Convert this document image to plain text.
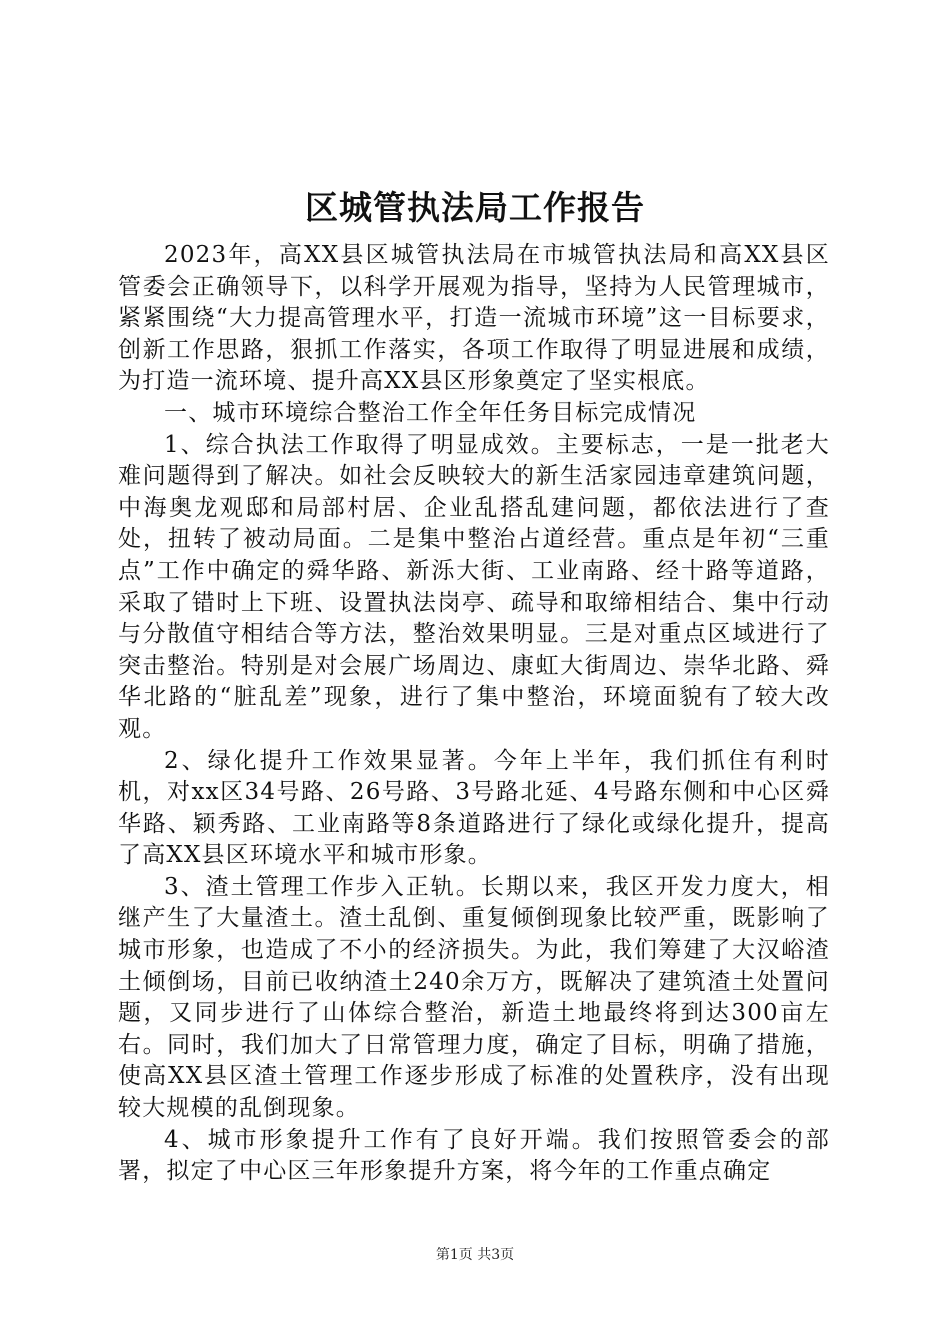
区城管执法局工作报告

2023年，高XX县区城管执法局在市城管执法局和高XX县区管委会正确领导下，以科学开展观为指导，坚持为人民管理城市，紧紧围绕“大力提高管理水平，打造一流城市环境”这一目标要求，创新工作思路，狠抓工作落实，各项工作取得了明显进展和成绩，为打造一流环境、提升高XX县区形象奠定了坚实根底。

一、城市环境综合整治工作全年任务目标完成情况

1、综合执法工作取得了明显成效。主要标志，一是一批老大难问题得到了解决。如社会反映较大的新生活家园违章建筑问题，中海奥龙观邸和局部村居、企业乱搭乱建问题，都依法进行了查处，扭转了被动局面。二是集中整治占道经营。重点是年初“三重点”工作中确定的舜华路、新泺大街、工业南路、经十路等道路，采取了错时上下班、设置执法岗亭、疏导和取缔相结合、集中行动与分散值守相结合等方法，整治效果明显。三是对重点区域进行了突击整治。特别是对会展广场周边、康虹大街周边、崇华北路、舜华北路的“脏乱差”现象，进行了集中整治，环境面貌有了较大改观。

2、绿化提升工作效果显著。今年上半年，我们抓住有利时机，对xx区34号路、26号路、3号路北延、4号路东侧和中心区舜华路、颖秀路、工业南路等8条道路进行了绿化或绿化提升，提高了高XX县区环境水平和城市形象。

3、渣土管理工作步入正轨。长期以来，我区开发力度大，相继产生了大量渣土。渣土乱倒、重复倾倒现象比较严重，既影响了城市形象，也造成了不小的经济损失。为此，我们筹建了大汉峪渣土倾倒场，目前已收纳渣土240余万方，既解决了建筑渣土处置问题，又同步进行了山体综合整治，新造土地最终将到达300亩左右。同时，我们加大了日常管理力度，确定了目标，明确了措施，使高XX县区渣土管理工作逐步形成了标准的处置秩序，没有出现较大规模的乱倒现象。

4、城市形象提升工作有了良好开端。我们按照管委会的部署，拟定了中心区三年形象提升方案，将今年的工作重点确定

第1页 共3页
